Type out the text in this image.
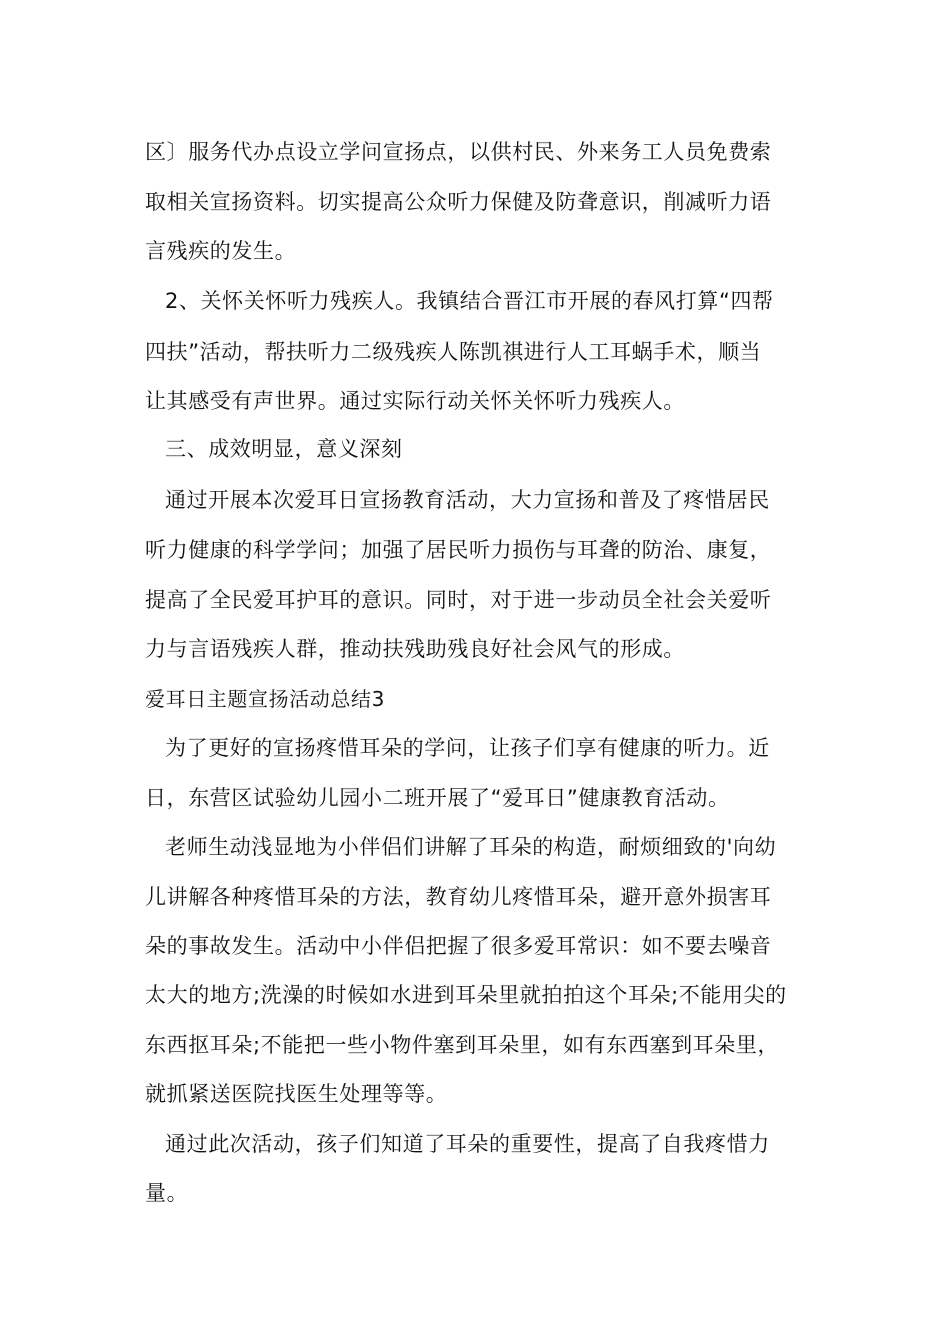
区〕服务代办点设立学问宣扬点，以供村民、外来务工人员免费索
取相关宣扬资料。切实提高公众听力保健及防聋意识，削减听力语
言残疾的发生。
2、关怀关怀听力残疾人。我镇结合晋江市开展的春风打算“四帮
四扶”活动，帮扶听力二级残疾人陈凯祺进行人工耳蜗手术，顺当
让其感受有声世界。通过实际行动关怀关怀听力残疾人。
三、成效明显，意义深刻
通过开展本次爱耳日宣扬教育活动，大力宣扬和普及了疼惜居民
听力健康的科学学问；加强了居民听力损伤与耳聋的防治、康复，
提高了全民爱耳护耳的意识。同时，对于进一步动员全社会关爱听
力与言语残疾人群，推动扶残助残良好社会风气的形成。
爱耳日主题宣扬活动总结3
为了更好的宣扬疼惜耳朵的学问，让孩子们享有健康的听力。近
日，东营区试验幼儿园小二班开展了“爱耳日”健康教育活动。
老师生动浅显地为小伴侣们讲解了耳朵的构造，耐烦细致的'向幼
儿讲解各种疼惜耳朵的方法，教育幼儿疼惜耳朵，避开意外损害耳
朵的事故发生。活动中小伴侣把握了很多爱耳常识：如不要去噪音
太大的地方;洗澡的时候如水进到耳朵里就拍拍这个耳朵;不能用尖的
东西抠耳朵;不能把一些小物件塞到耳朵里，如有东西塞到耳朵里，
就抓紧送医院找医生处理等等。
通过此次活动，孩子们知道了耳朵的重要性，提高了自我疼惜力
量。
